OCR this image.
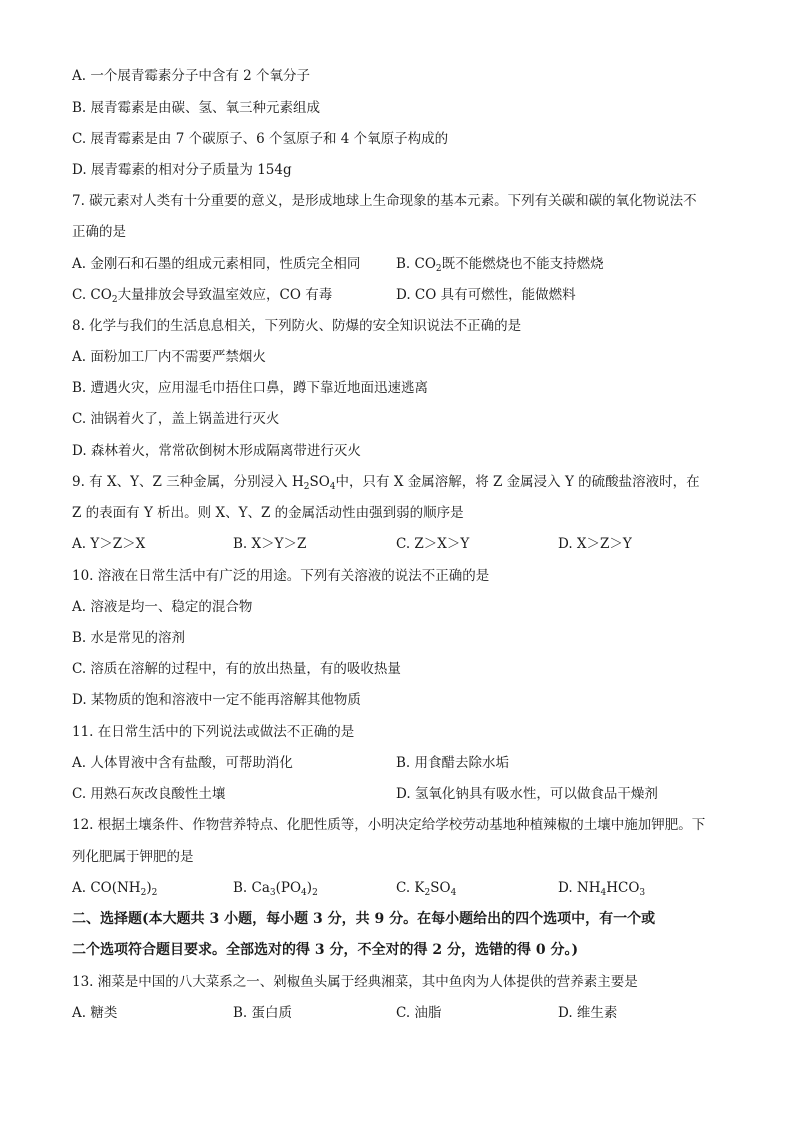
A. 一个展青霉素分子中含有 2 个氧分子
B. 展青霉素是由碳、氢、氧三种元素组成
C. 展青霉素是由 7 个碳原子、6 个氢原子和 4 个氧原子构成的
D. 展青霉素的相对分子质量为 154g
7. 碳元素对人类有十分重要的意义，是形成地球上生命现象的基本元素。下列有关碳和碳的氧化物说法不
正确的是
A. 金刚石和石墨的组成元素相同，性质完全相同	B. $CO_2$既不能燃烧也不能支持燃烧
C. $CO_2$大量排放会导致温室效应，CO 有毒	D. CO 具有可燃性，能做燃料
8. 化学与我们的生活息息相关，下列防火、防爆的安全知识说法不正确的是
A. 面粉加工厂内不需要严禁烟火
B. 遭遇火灾，应用湿毛巾捂住口鼻，蹲下靠近地面迅速逃离
C. 油锅着火了，盖上锅盖进行灭火
D. 森林着火，常常砍倒树木形成隔离带进行灭火
9. 有 X、Y、Z 三种金属，分别浸入 $H_2SO_4$中，只有 X 金属溶解，将 Z 金属浸入 Y 的硫酸盐溶液时，在
Z 的表面有 Y 析出。则 X、Y、Z 的金属活动性由强到弱的顺序是
A. Y＞Z＞X	B. X＞Y＞Z	C. Z＞X＞Y	D. X＞Z＞Y
10. 溶液在日常生活中有广泛的用途。下列有关溶液的说法不正确的是
A. 溶液是均一、稳定的混合物
B. 水是常见的溶剂
C. 溶质在溶解的过程中，有的放出热量，有的吸收热量
D. 某物质的饱和溶液中一定不能再溶解其他物质
11. 在日常生活中的下列说法或做法不正确的是
A. 人体胃液中含有盐酸，可帮助消化	B. 用食醋去除水垢
C. 用熟石灰改良酸性土壤	D. 氢氧化钠具有吸水性，可以做食品干燥剂
12. 根据土壤条件、作物营养特点、化肥性质等，小明决定给学校劳动基地种植辣椒的土壤中施加钾肥。下
列化肥属于钾肥的是
A. $CO(NH_2)_2$	B. $Ca_3(PO_4)_2$	C. $K_2SO_4$	D. $NH_4HCO_3$
二、选择题(本大题共 3 小题，每小题 3 分，共 9 分。在每小题给出的四个选项中，有一个或
二个选项符合题目要求。全部选对的得 3 分，不全对的得 2 分，选错的得 0 分。)
13. 湘菜是中国的八大菜系之一、剁椒鱼头属于经典湘菜，其中鱼肉为人体提供的营养素主要是
A. 糖类	B. 蛋白质	C. 油脂	D. 维生素
